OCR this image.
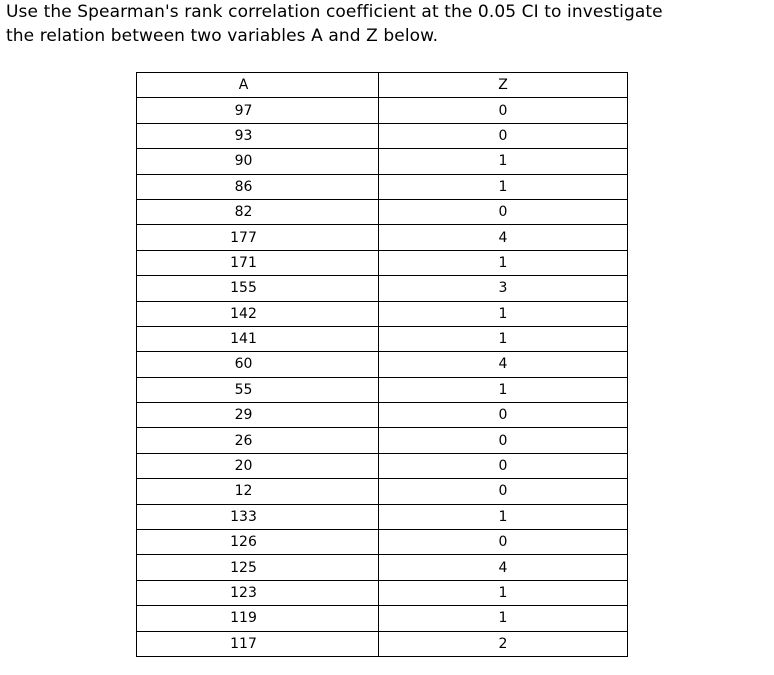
Use the Spearman's rank correlation coefficient at the 0.05 CI to investigate

the relation between two variables A and Z below.

A	Z
97	0
93	0
90	1
86	1
82	0
177	4
171	1
155	3
142	1
141	1
60	4
55	1
29	0
26	0
20	0
12	0
133	1
126	0
125	4
123	1
119	1
117	2
